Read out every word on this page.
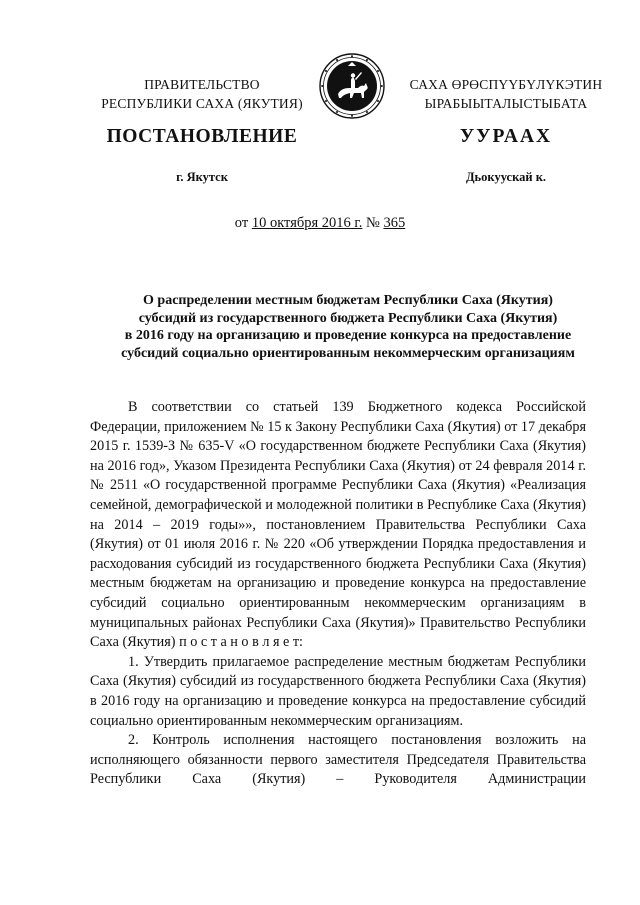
ПРАВИТЕЛЬСТВО
РЕСПУБЛИКИ САХА (ЯКУТИЯ)
САХА ӨРӨСПҮҮБҮЛҮКЭТИН
ЫРАБЫЫТАЛЫСТЫБАТА
ПОСТАНОВЛЕНИЕ	УУРААХ
г. Якутск	Дьокуускай к.
от 10 октября 2016 г. № 365
О распределении местным бюджетам Республики Саха (Якутия)
субсидий из государственного бюджета Республики Саха (Якутия)
в 2016 году на организацию и проведение конкурса на предоставление
субсидий социально ориентированным некоммерческим организациям

В соответствии со статьей 139 Бюджетного кодекса Российской Федерации, приложением № 15 к Закону Республики Саха (Якутия) от 17 декабря 2015 г. 1539-З № 635-V «О государственном бюджете Республики Саха (Якутия) на 2016 год», Указом Президента Республики Саха (Якутия) от 24 февраля 2014 г. № 2511 «О государственной программе Республики Саха (Якутия) «Реализация семейной, демографической и молодежной политики в Республике Саха (Якутия) на 2014 – 2019 годы»», постановлением Правительства Республики Саха (Якутия) от 01 июля 2016 г. № 220 «Об утверждении Порядка предоставления и расходования субсидий из государственного бюджета Республики Саха (Якутия) местным бюджетам на организацию и проведение конкурса на предоставление субсидий социально ориентированным некоммерческим организациям в муниципальных районах Республики Саха (Якутия)» Правительство Республики Саха (Якутия) п о с т а н о в л я е т:

1. Утвердить прилагаемое распределение местным бюджетам Республики Саха (Якутия) субсидий из государственного бюджета Республики Саха (Якутия) в 2016 году на организацию и проведение конкурса на предоставление субсидий социально ориентированным некоммерческим организациям.

2. Контроль исполнения настоящего постановления возложить на исполняющего обязанности первого заместителя Председателя Правительства Республики Саха (Якутия) – Руководителя Администрации
